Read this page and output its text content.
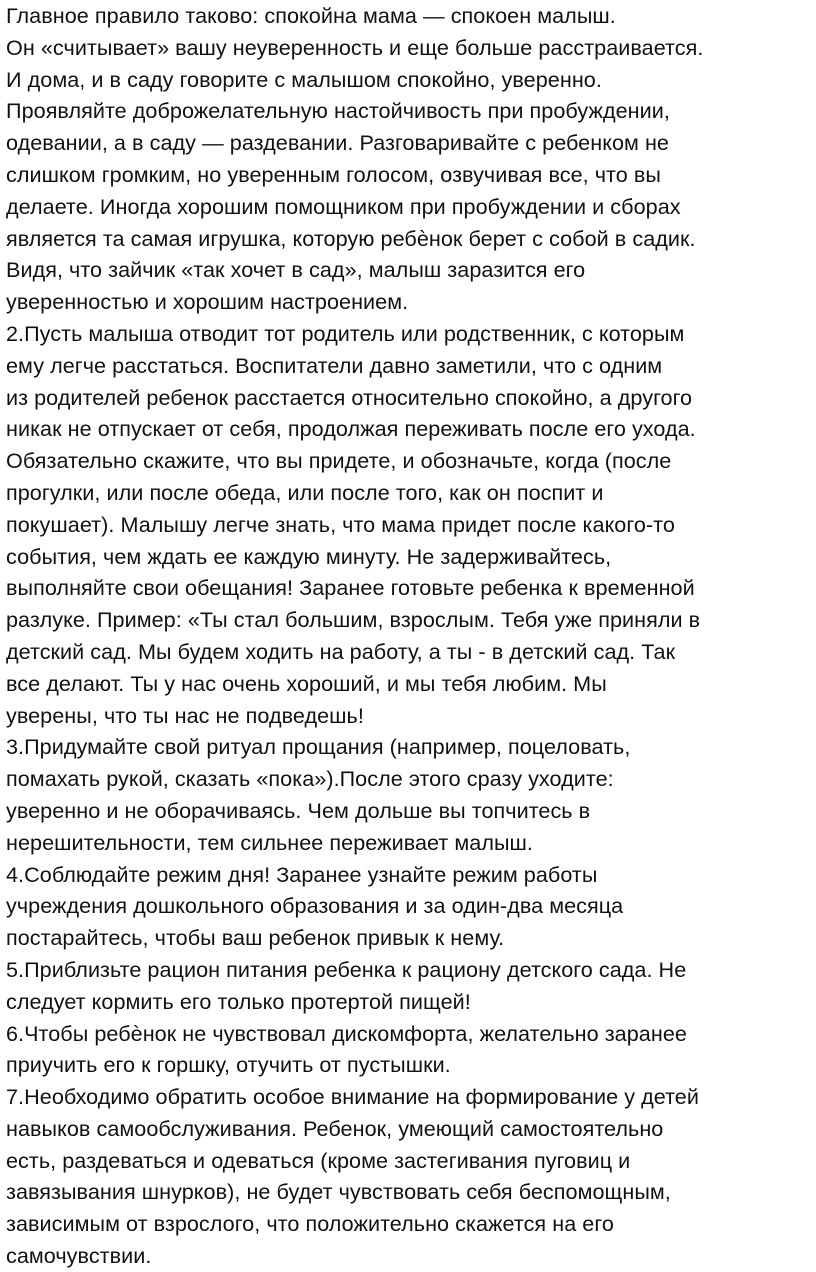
Главное правило таково: спокойна мама — спокоен малыш.
Он «считывает» вашу неуверенность и еще больше расстраивается.
И дома, и в саду говорите с малышом спокойно, уверенно.
Проявляйте доброжелательную настойчивость при пробуждении,
одевании, а в саду — раздевании. Разговаривайте с ребенком не
слишком громким, но уверенным голосом, озвучивая все, что вы
делаете. Иногда хорошим помощником при пробуждении и сборах
является та самая игрушка, которую ребѐнок берет с собой в садик.
Видя, что зайчик «так хочет в сад», малыш заразится его
уверенностью и хорошим настроением.
2.Пусть малыша отводит тот родитель или родственник, с которым
ему легче расстаться. Воспитатели давно заметили, что с одним
из родителей ребенок расстается относительно спокойно, а другого
никак не отпускает от себя, продолжая переживать после его ухода.
Обязательно скажите, что вы придете, и обозначьте, когда (после
прогулки, или после обеда, или после того, как он поспит и
покушает). Малышу легче знать, что мама придет после какого-то
события, чем ждать ее каждую минуту. Не задерживайтесь,
выполняйте свои обещания! Заранее готовьте ребенка к временной
разлуке. Пример: «Ты стал большим, взрослым. Тебя уже приняли в
детский сад. Мы будем ходить на работу, а ты - в детский сад. Так
все делают. Ты у нас очень хороший, и мы тебя любим. Мы
уверены, что ты нас не подведешь!
3.Придумайте свой ритуал прощания (например, поцеловать,
помахать рукой, сказать «пока»).После этого сразу уходите:
уверенно и не оборачиваясь. Чем дольше вы топчитесь в
нерешительности, тем сильнее переживает малыш.
4.Соблюдайте режим дня! Заранее узнайте режим работы
учреждения дошкольного образования и за один-два месяца
постарайтесь, чтобы ваш ребенок привык к нему.
5.Приблизьте рацион питания ребенка к рациону детского сада. Не
следует кормить его только протертой пищей!
6.Чтобы ребѐнок не чувствовал дискомфорта, желательно заранее
приучить его к горшку, отучить от пустышки.
7.Необходимо обратить особое внимание на формирование у детей
навыков самообслуживания. Ребенок, умеющий самостоятельно
есть, раздеваться и одеваться (кроме застегивания пуговиц и
завязывания шнурков), не будет чувствовать себя беспомощным,
зависимым от взрослого, что положительно скажется на его
самочувствии.
